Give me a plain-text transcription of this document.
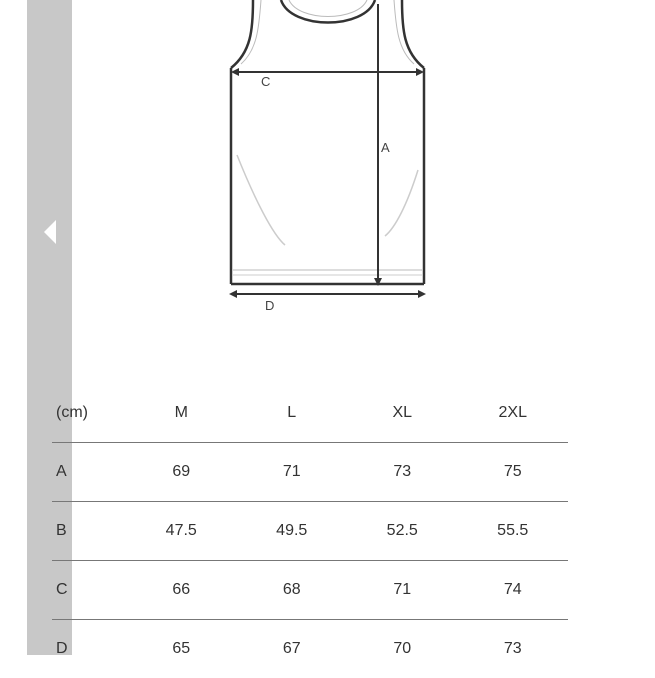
C
A
D
(cm)	M	L	XL	2XL
A	69	71	73	75
B	47.5	49.5	52.5	55.5
C	66	68	71	74
D	65	67	70	73
